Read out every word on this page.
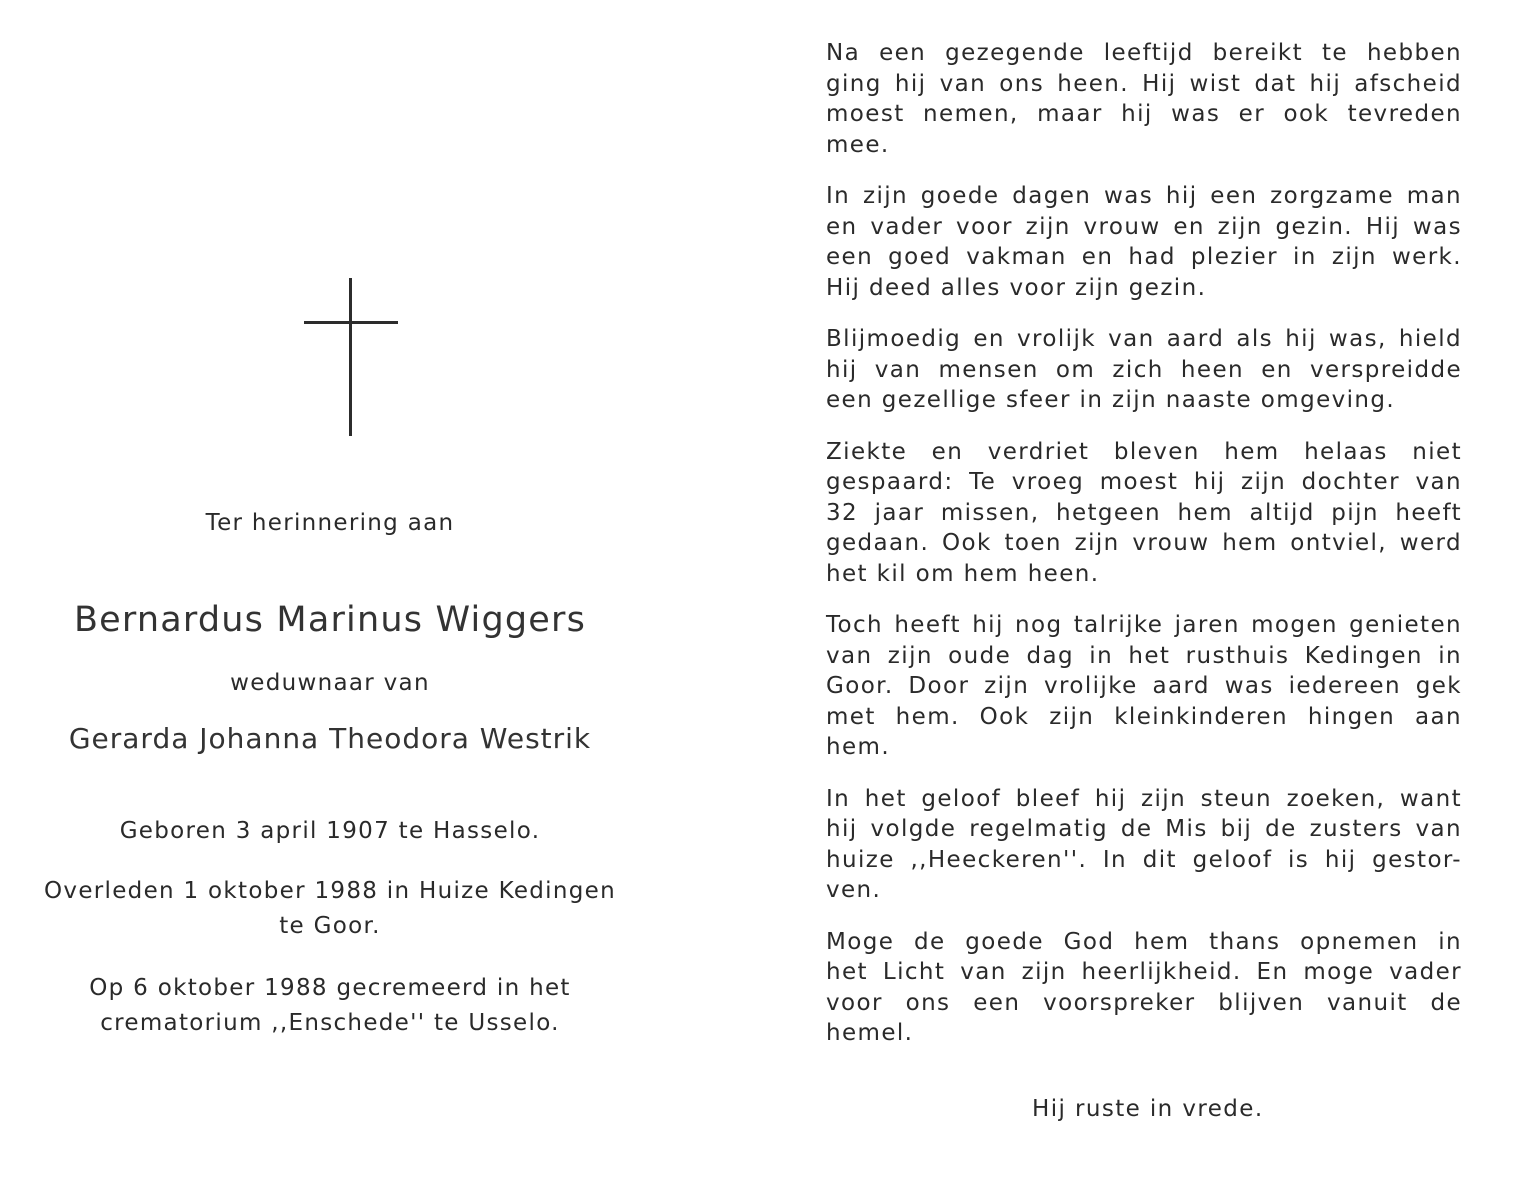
Ter herinnering aan
Bernardus Marinus Wiggers
weduwnaar van
Gerarda Johanna Theodora Westrik
Geboren 3 april 1907 te Hasselo.
Overleden 1 oktober 1988 in Huize Kedingen
te Goor.
Op 6 oktober 1988 gecremeerd in het
crematorium ,,Enschede'' te Usselo.
Na een gezegende leeftijd bereikt te hebben
ging hij van ons heen. Hij wist dat hij afscheid
moest nemen, maar hij was er ook tevreden
mee.
In zijn goede dagen was hij een zorgzame man
en vader voor zijn vrouw en zijn gezin. Hij was
een goed vakman en had plezier in zijn werk.
Hij deed alles voor zijn gezin.
Blijmoedig en vrolijk van aard als hij was, hield
hij van mensen om zich heen en verspreidde
een gezellige sfeer in zijn naaste omgeving.
Ziekte en verdriet bleven hem helaas niet
gespaard: Te vroeg moest hij zijn dochter van
32 jaar missen, hetgeen hem altijd pijn heeft
gedaan. Ook toen zijn vrouw hem ontviel, werd
het kil om hem heen.
Toch heeft hij nog talrijke jaren mogen genieten
van zijn oude dag in het rusthuis Kedingen in
Goor. Door zijn vrolijke aard was iedereen gek
met hem. Ook zijn kleinkinderen hingen aan
hem.
In het geloof bleef hij zijn steun zoeken, want
hij volgde regelmatig de Mis bij de zusters van
huize ,,Heeckeren''. In dit geloof is hij gestor-
ven.
Moge de goede God hem thans opnemen in
het Licht van zijn heerlijkheid. En moge vader
voor ons een voorspreker blijven vanuit de
hemel.
Hij ruste in vrede.
